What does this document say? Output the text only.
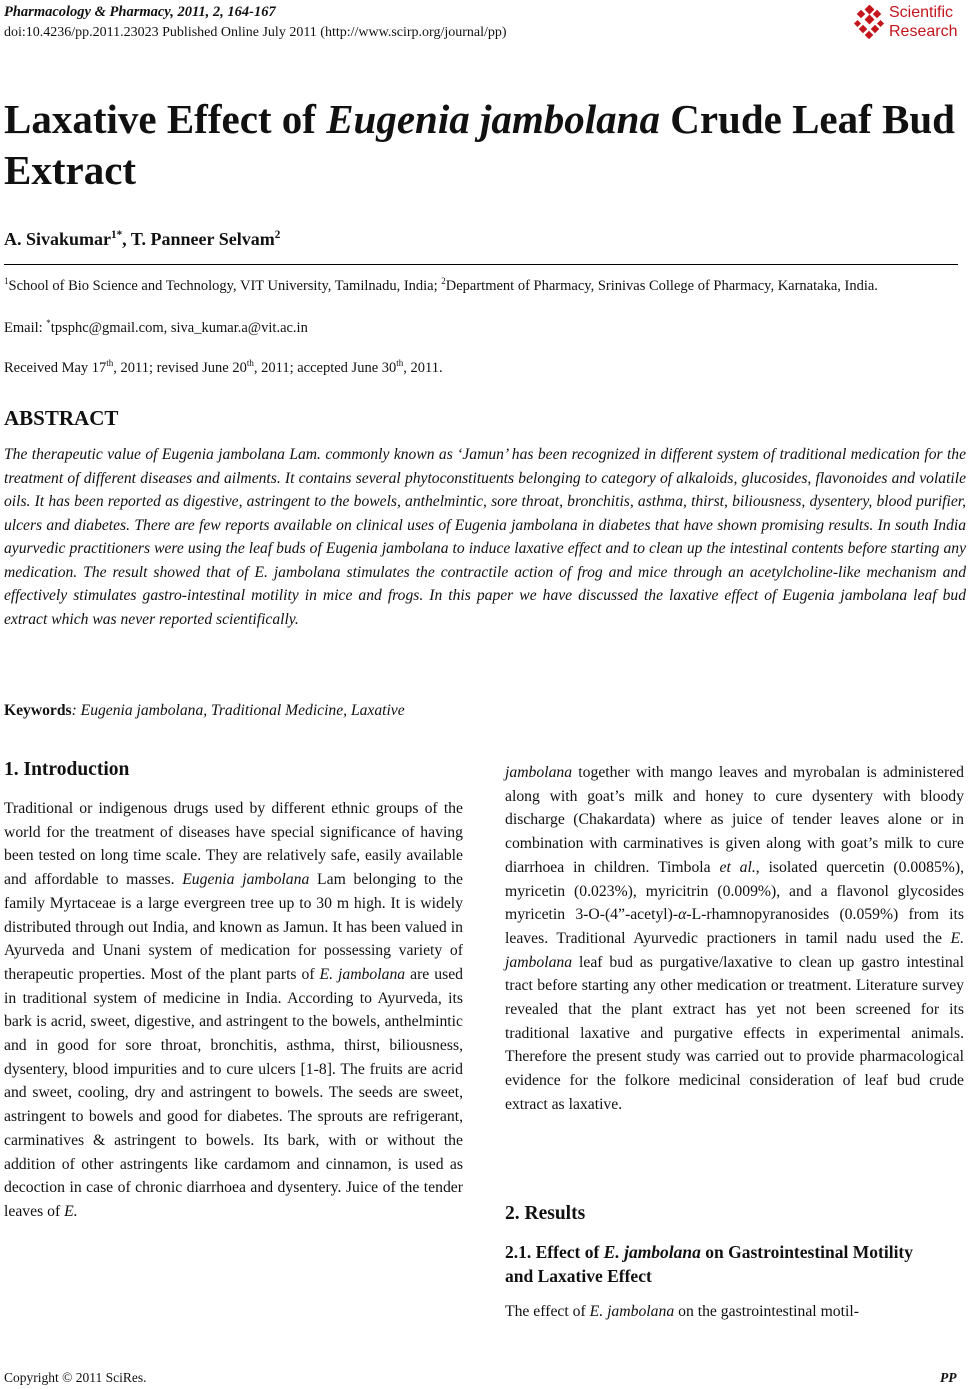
Pharmacology & Pharmacy, 2011, 2, 164-167
doi:10.4236/pp.2011.23023 Published Online July 2011 (http://www.scirp.org/journal/pp)
Scientific
Research
Laxative Effect of Eugenia jambolana Crude Leaf Bud Extract
A. Sivakumar$^{1*}$, T. Panneer Selvam$^2$
$^1$School of Bio Science and Technology, VIT University, Tamilnadu, India; $^2$Department of Pharmacy, Srinivas College of Pharmacy, Karnataka, India.
Email: *tpsphc@gmail.com, siva_kumar.a@vit.ac.in
Received May 17th, 2011; revised June 20th, 2011; accepted June 30th, 2011.
ABSTRACT
The therapeutic value of Eugenia jambolana Lam. commonly known as ‘Jamun’ has been recognized in different system of traditional medication for the treatment of different diseases and ailments. It contains several phytoconstituents belonging to category of alkaloids, glucosides, flavonoides and volatile oils. It has been reported as digestive, astringent to the bowels, anthelmintic, sore throat, bronchitis, asthma, thirst, biliousness, dysentery, blood purifier, ulcers and diabetes. There are few reports available on clinical uses of Eugenia jambolana in diabetes that have shown promising results. In south India ayurvedic practitioners were using the leaf buds of Eugenia jambolana to induce laxative effect and to clean up the intestinal contents before starting any medication. The result showed that of E. jambolana stimulates the contractile action of frog and mice through an acetylcholine-like mechanism and effectively stimulates gastro-intestinal motility in mice and frogs. In this paper we have discussed the laxative effect of Eugenia jambolana leaf bud extract which was never reported scientifically.
Keywords: Eugenia jambolana, Traditional Medicine, Laxative
1. Introduction
Traditional or indigenous drugs used by different ethnic groups of the world for the treatment of diseases have special significance of having been tested on long time scale. They are relatively safe, easily available and affordable to masses. Eugenia jambolana Lam belonging to the family Myrtaceae is a large evergreen tree up to 30 m high. It is widely distributed through out India, and known as Jamun. It has been valued in Ayurveda and Unani system of medication for possessing variety of therapeutic properties. Most of the plant parts of E. jambolana are used in traditional system of medicine in India. According to Ayurveda, its bark is acrid, sweet, digestive, and astringent to the bowels, anthelmintic and in good for sore throat, bronchitis, asthma, thirst, biliousness, dysentery, blood impurities and to cure ulcers [1-8]. The fruits are acrid and sweet, cooling, dry and astringent to bowels. The seeds are sweet, astringent to bowels and good for diabetes. The sprouts are refrigerant, carminatives & astringent to bowels. Its bark, with or without the addition of other astringents like cardamom and cinnamon, is used as decoction in case of chronic diarrhoea and dysentery. Juice of the tender leaves of E.
jambolana together with mango leaves and myrobalan is administered along with goat’s milk and honey to cure dysentery with bloody discharge (Chakardata) where as juice of tender leaves alone or in combination with carminatives is given along with goat’s milk to cure diarrhoea in children. Timbola et al., isolated quercetin (0.0085%), myricetin (0.023%), myricitrin (0.009%), and a flavonol glycosides myricetin 3-O-(4”-acetyl)-α-L-rhamnopyranosides (0.059%) from its leaves. Traditional Ayurvedic practioners in tamil nadu used the E. jambolana leaf bud as purgative/laxative to clean up gastro intestinal tract before starting any other medication or treatment. Literature survey revealed that the plant extract has yet not been screened for its traditional laxative and purgative effects in experimental animals. Therefore the present study was carried out to provide pharmacological evidence for the folkore medicinal consideration of leaf bud crude extract as laxative.
2. Results
2.1. Effect of E. jambolana on Gastrointestinal Motility and Laxative Effect
The effect of E. jambolana on the gastrointestinal motil-
Copyright © 2011 SciRes.	PP
